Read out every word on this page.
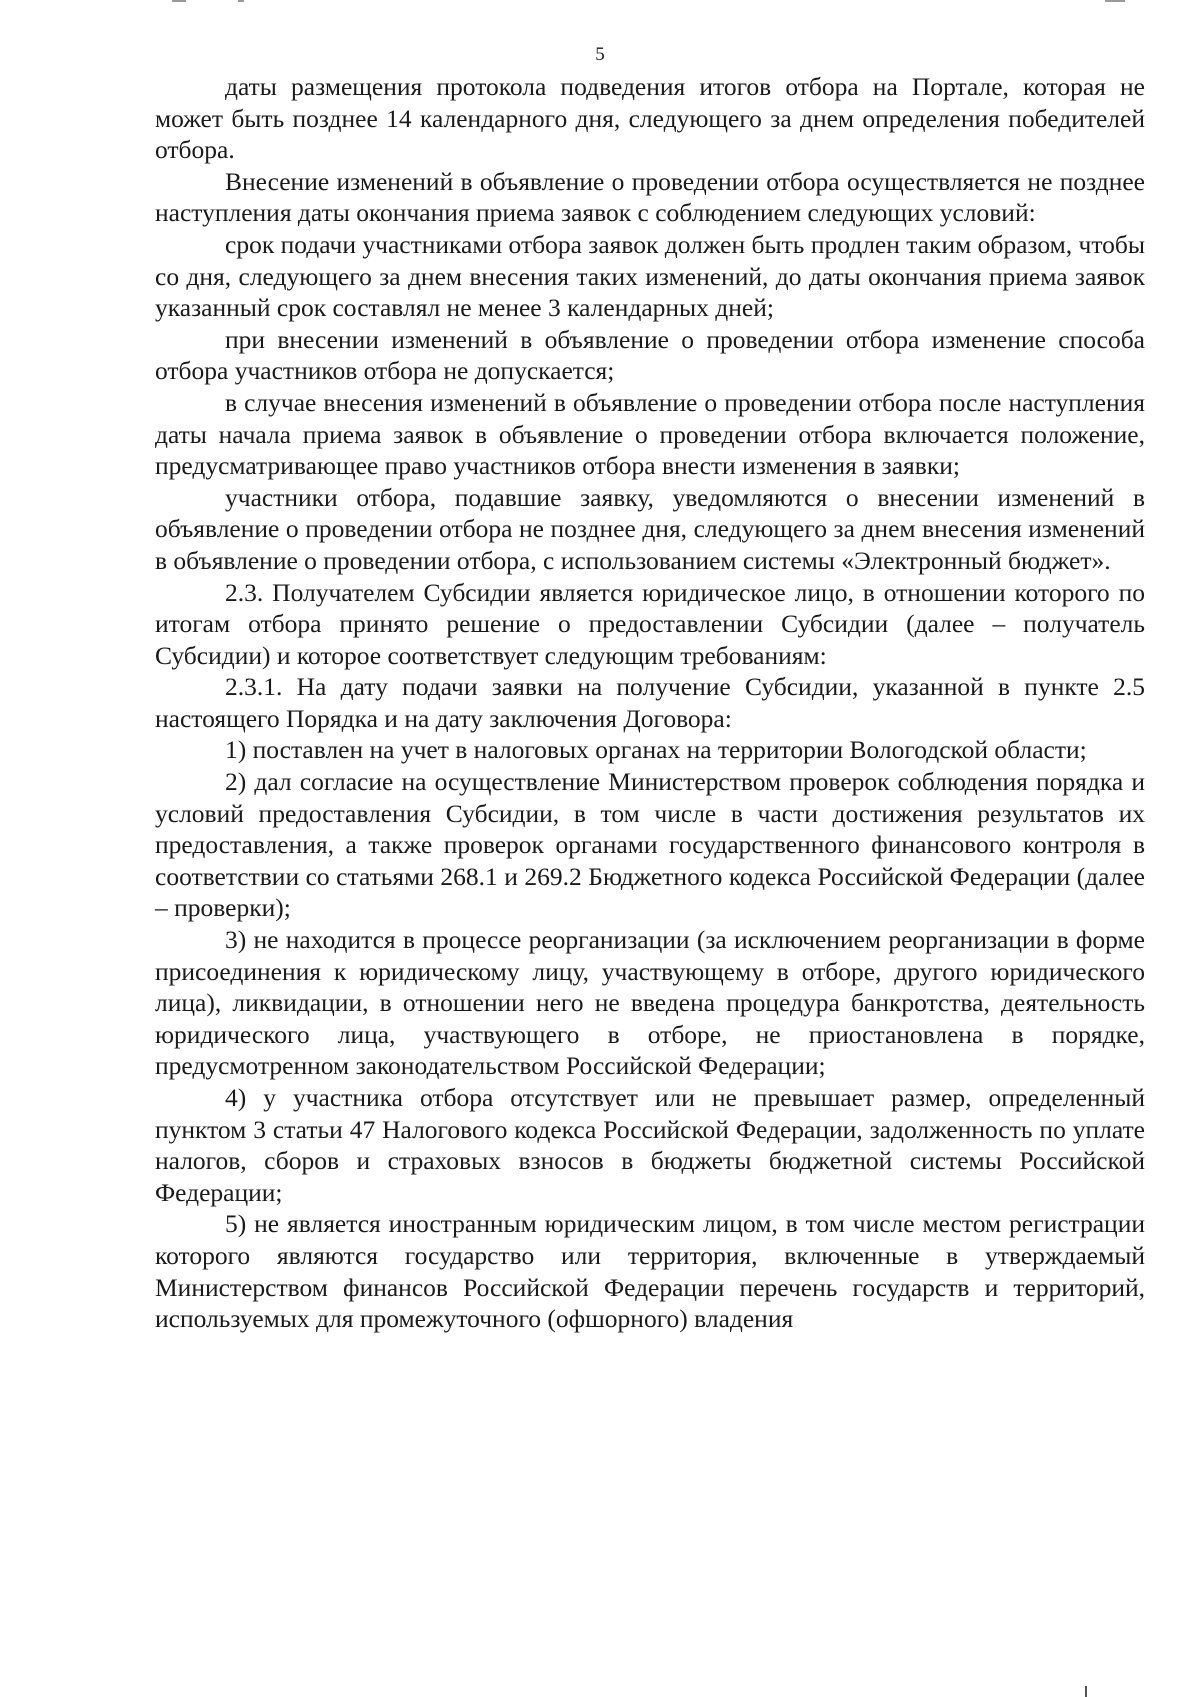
5

даты размещения протокола подведения итогов отбора на Портале, которая не может быть позднее 14 календарного дня, следующего за днем определения победителей отбора.

Внесение изменений в объявление о проведении отбора осуществляется не позднее наступления даты окончания приема заявок с соблюдением следующих условий:

срок подачи участниками отбора заявок должен быть продлен таким образом, чтобы со дня, следующего за днем внесения таких изменений, до даты окончания приема заявок указанный срок составлял не менее 3 календарных дней;

при внесении изменений в объявление о проведении отбора изменение способа отбора участников отбора не допускается;

в случае внесения изменений в объявление о проведении отбора после наступления даты начала приема заявок в объявление о проведении отбора включается положение, предусматривающее право участников отбора внести изменения в заявки;

участники отбора, подавшие заявку, уведомляются о внесении изменений в объявление о проведении отбора не позднее дня, следующего за днем внесения изменений в объявление о проведении отбора, с использованием системы «Электронный бюджет».

2.3. Получателем Субсидии является юридическое лицо, в отношении которого по итогам отбора принято решение о предоставлении Субсидии (далее – получатель Субсидии) и которое соответствует следующим требованиям:

2.3.1. На дату подачи заявки на получение Субсидии, указанной в пункте 2.5 настоящего Порядка и на дату заключения Договора:

1) поставлен на учет в налоговых органах на территории Вологодской области;

2) дал согласие на осуществление Министерством проверок соблюдения порядка и условий предоставления Субсидии, в том числе в части достижения результатов их предоставления, а также проверок органами государственного финансового контроля в соответствии со статьями 268.1 и 269.2 Бюджетного кодекса Российской Федерации (далее – проверки);

3) не находится в процессе реорганизации (за исключением реорганизации в форме присоединения к юридическому лицу, участвующему в отборе, другого юридического лица), ликвидации, в отношении него не введена процедура банкротства, деятельность юридического лица, участвующего в отборе, не приостановлена в порядке, предусмотренном законодательством Российской Федерации;

4) у участника отбора отсутствует или не превышает размер, определенный пунктом 3 статьи 47 Налогового кодекса Российской Федерации, задолженность по уплате налогов, сборов и страховых взносов в бюджеты бюджетной системы Российской Федерации;

5) не является иностранным юридическим лицом, в том числе местом регистрации которого являются государство или территория, включенные в утверждаемый Министерством финансов Российской Федерации перечень государств и территорий, используемых для промежуточного (офшорного) владения
